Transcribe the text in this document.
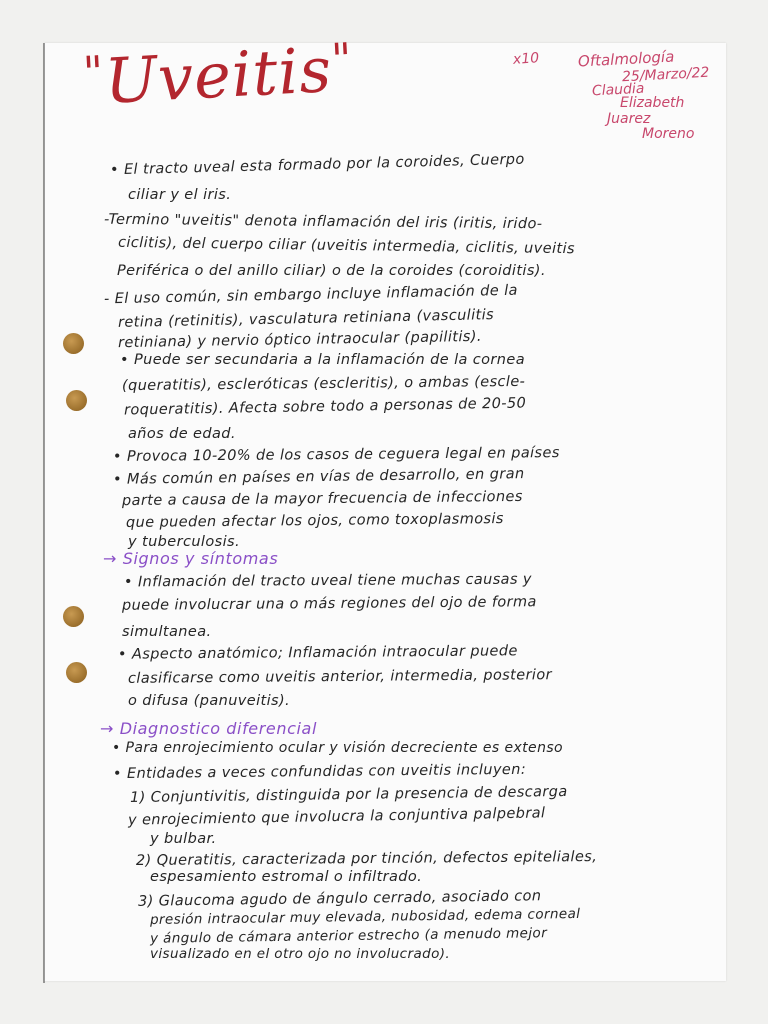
"Uveitis"	x10	Oftalmología
25/Marzo/22
Claudia
Elizabeth
Juarez
Moreno
• El tracto uveal esta formado por la coroides, Cuerpo
ciliar y el iris.
-Termino "uveitis" denota inflamación del iris (iritis, irido-
ciclitis), del cuerpo ciliar (uveitis intermedia, ciclitis, uveitis
Periférica o del anillo ciliar) o de la coroides (coroiditis).
- El uso común, sin embargo incluye inflamación de la
retina (retinitis), vasculatura retiniana (vasculitis
retiniana) y nervio óptico intraocular (papilitis).
• Puede ser secundaria a la inflamación de la cornea
(queratitis), escleróticas (escleritis), o ambas (escle-
roqueratitis). Afecta sobre todo a personas de 20-50
años de edad.
• Provoca 10-20% de los casos de ceguera legal en países
• Más común en países en vías de desarrollo, en gran
parte a causa de la mayor frecuencia de infecciones
que pueden afectar los ojos, como toxoplasmosis
y tuberculosis.
→ Signos y síntomas
• Inflamación del tracto uveal tiene muchas causas y
puede involucrar una o más regiones del ojo de forma
simultanea.
• Aspecto anatómico; Inflamación intraocular puede
clasificarse como uveitis anterior, intermedia, posterior
o difusa (panuveitis).
→ Diagnostico diferencial
• Para enrojecimiento ocular y visión decreciente es extenso
• Entidades a veces confundidas con uveitis incluyen:
1) Conjuntivitis, distinguida por la presencia de descarga
y enrojecimiento que involucra la conjuntiva palpebral
y bulbar.
2) Queratitis, caracterizada por tinción, defectos epiteliales,
espesamiento estromal o infiltrado.
3) Glaucoma agudo de ángulo cerrado, asociado con
presión intraocular muy elevada, nubosidad, edema corneal
y ángulo de cámara anterior estrecho (a menudo mejor
visualizado en el otro ojo no involucrado).
